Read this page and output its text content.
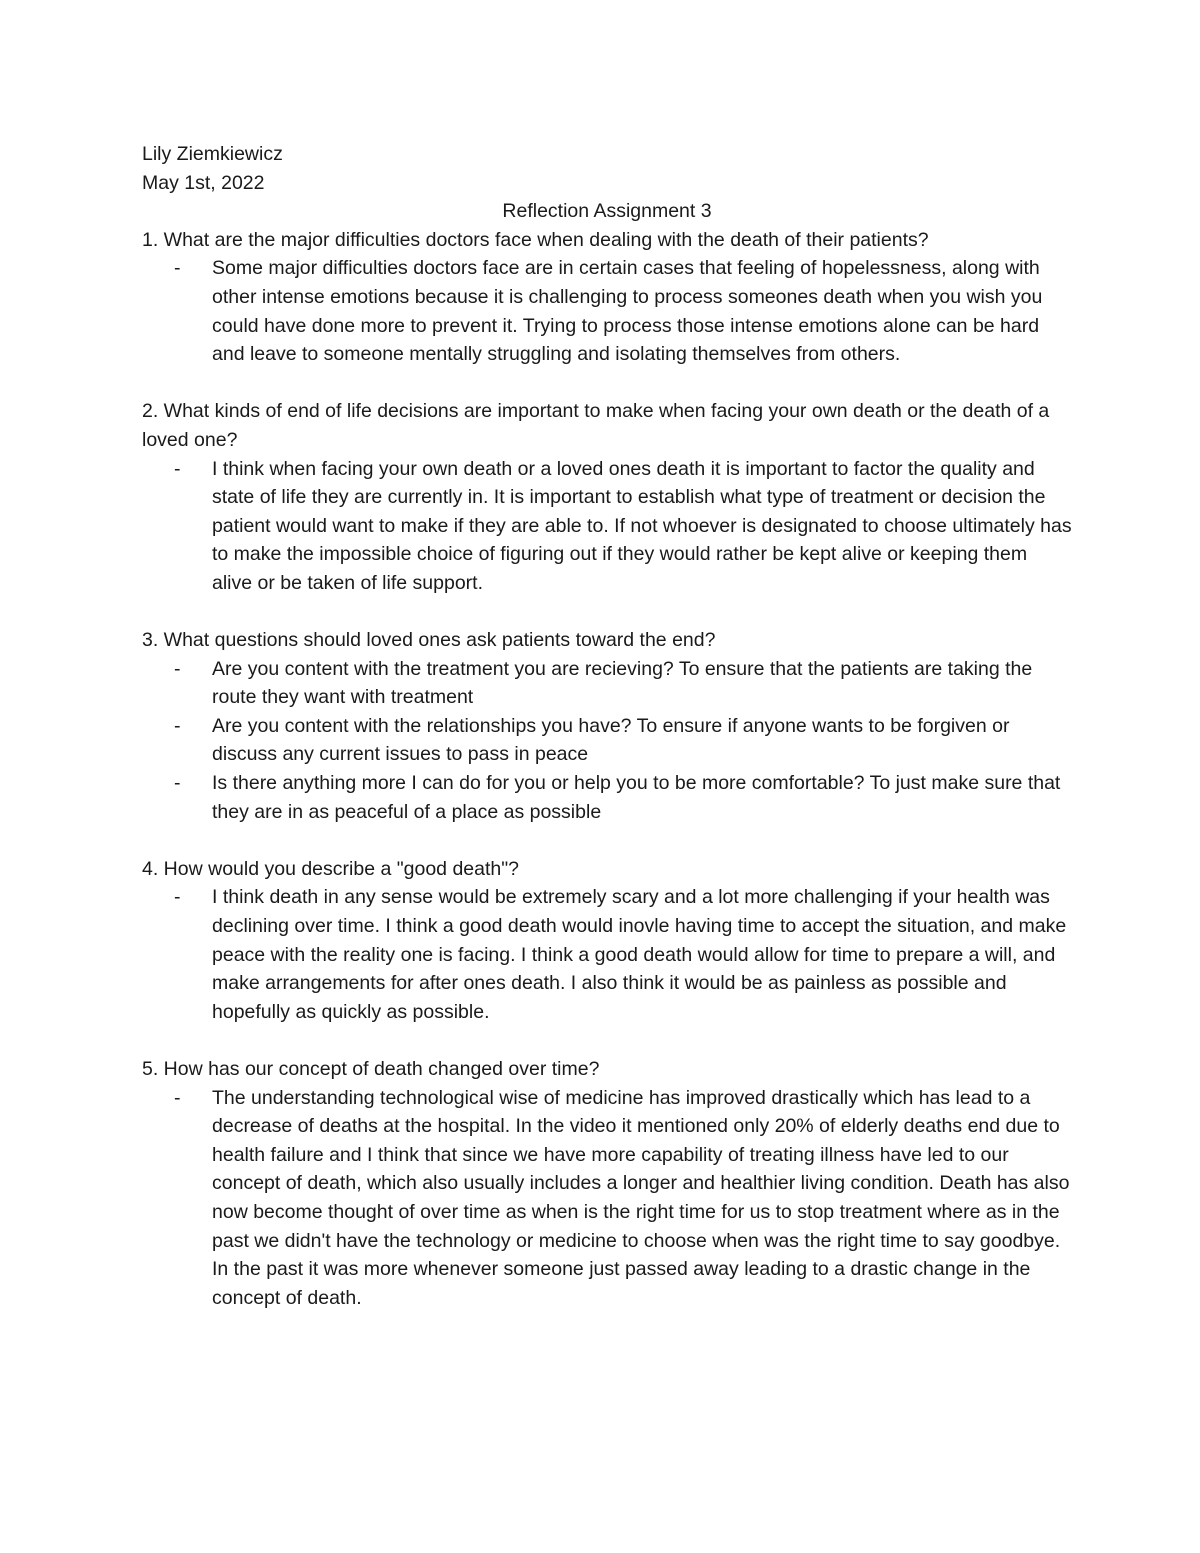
Lily Ziemkiewicz

May 1st, 2022

Reflection Assignment 3

1. What are the major difficulties doctors face when dealing with the death of their patients?

- Some major difficulties doctors face are in certain cases that feeling of hopelessness, along with other intense emotions because it is challenging to process someones death when you wish you could have done more to prevent it. Trying to process those intense emotions alone can be hard and leave to someone mentally struggling and isolating themselves from others.

2. What kinds of end of life decisions are important to make when facing your own death or the death of a loved one?

- I think when facing your own death or a loved ones death it is important to factor the quality and state of life they are currently in. It is important to establish what type of treatment or decision the patient would want to make if they are able to. If not whoever is designated to choose ultimately has to make the impossible choice of figuring out if they would rather be kept alive or keeping them alive or be taken of life support.

3. What questions should loved ones ask patients toward the end?

- Are you content with the treatment you are recieving? To ensure that the patients are taking the route they want with treatment
- Are you content with the relationships you have? To ensure if anyone wants to be forgiven or discuss any current issues to pass in peace
- Is there anything more I can do for you or help you to be more comfortable? To just make sure that they are in as peaceful of a place as possible

4. How would you describe a "good death"?

- I think death in any sense would be extremely scary and a lot more challenging if your health was declining over time. I think a good death would inovle having time to accept the situation, and make peace with the reality one is facing. I think a good death would allow for time to prepare a will, and make arrangements for after ones death. I also think it would be as painless as possible and hopefully as quickly as possible.

5. How has our concept of death changed over time?

- The understanding technological wise of medicine has improved drastically which has lead to a decrease of deaths at the hospital. In the video it mentioned only 20% of elderly deaths end due to health failure and I think that since we have more capability of treating illness have led to our concept of death, which also usually includes a longer and healthier living condition. Death has also now become thought of over time as when is the right time for us to stop treatment where as in the past we didn't have the technology or medicine to choose when was the right time to say goodbye. In the past it was more whenever someone just passed away leading to a drastic change in the concept of death.
